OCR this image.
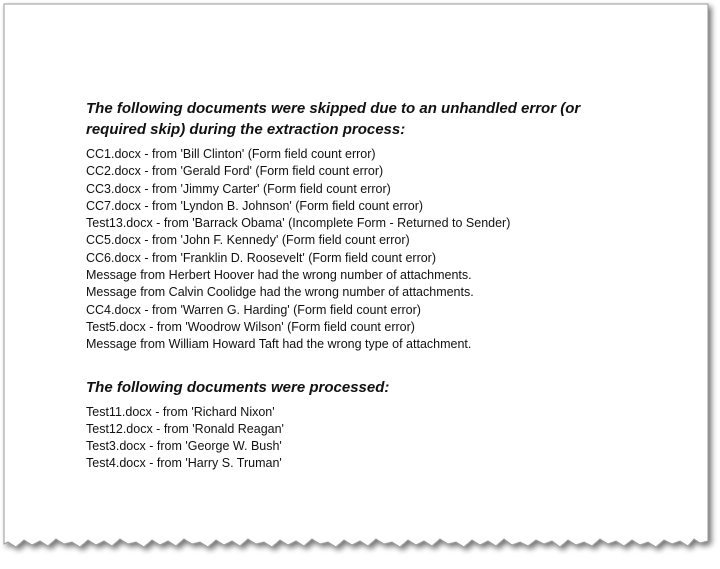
The following documents were skipped due to an unhandled error (or required skip) during the extraction process:
CC1.docx - from 'Bill Clinton' (Form field count error)
CC2.docx - from 'Gerald Ford' (Form field count error)
CC3.docx - from 'Jimmy Carter' (Form field count error)
CC7.docx - from 'Lyndon B. Johnson' (Form field count error)
Test13.docx - from 'Barrack Obama' (Incomplete Form - Returned to Sender)
CC5.docx - from 'John F. Kennedy' (Form field count error)
CC6.docx - from 'Franklin D. Roosevelt' (Form field count error)
Message from Herbert Hoover had the wrong number of attachments.
Message from Calvin Coolidge had the wrong number of attachments.
CC4.docx - from 'Warren G. Harding' (Form field count error)
Test5.docx - from 'Woodrow Wilson' (Form field count error)
Message from William Howard Taft had the wrong type of attachment.
The following documents were processed:
Test11.docx - from 'Richard Nixon'
Test12.docx - from 'Ronald Reagan'
Test3.docx - from 'George W. Bush'
Test4.docx - from 'Harry S. Truman'
